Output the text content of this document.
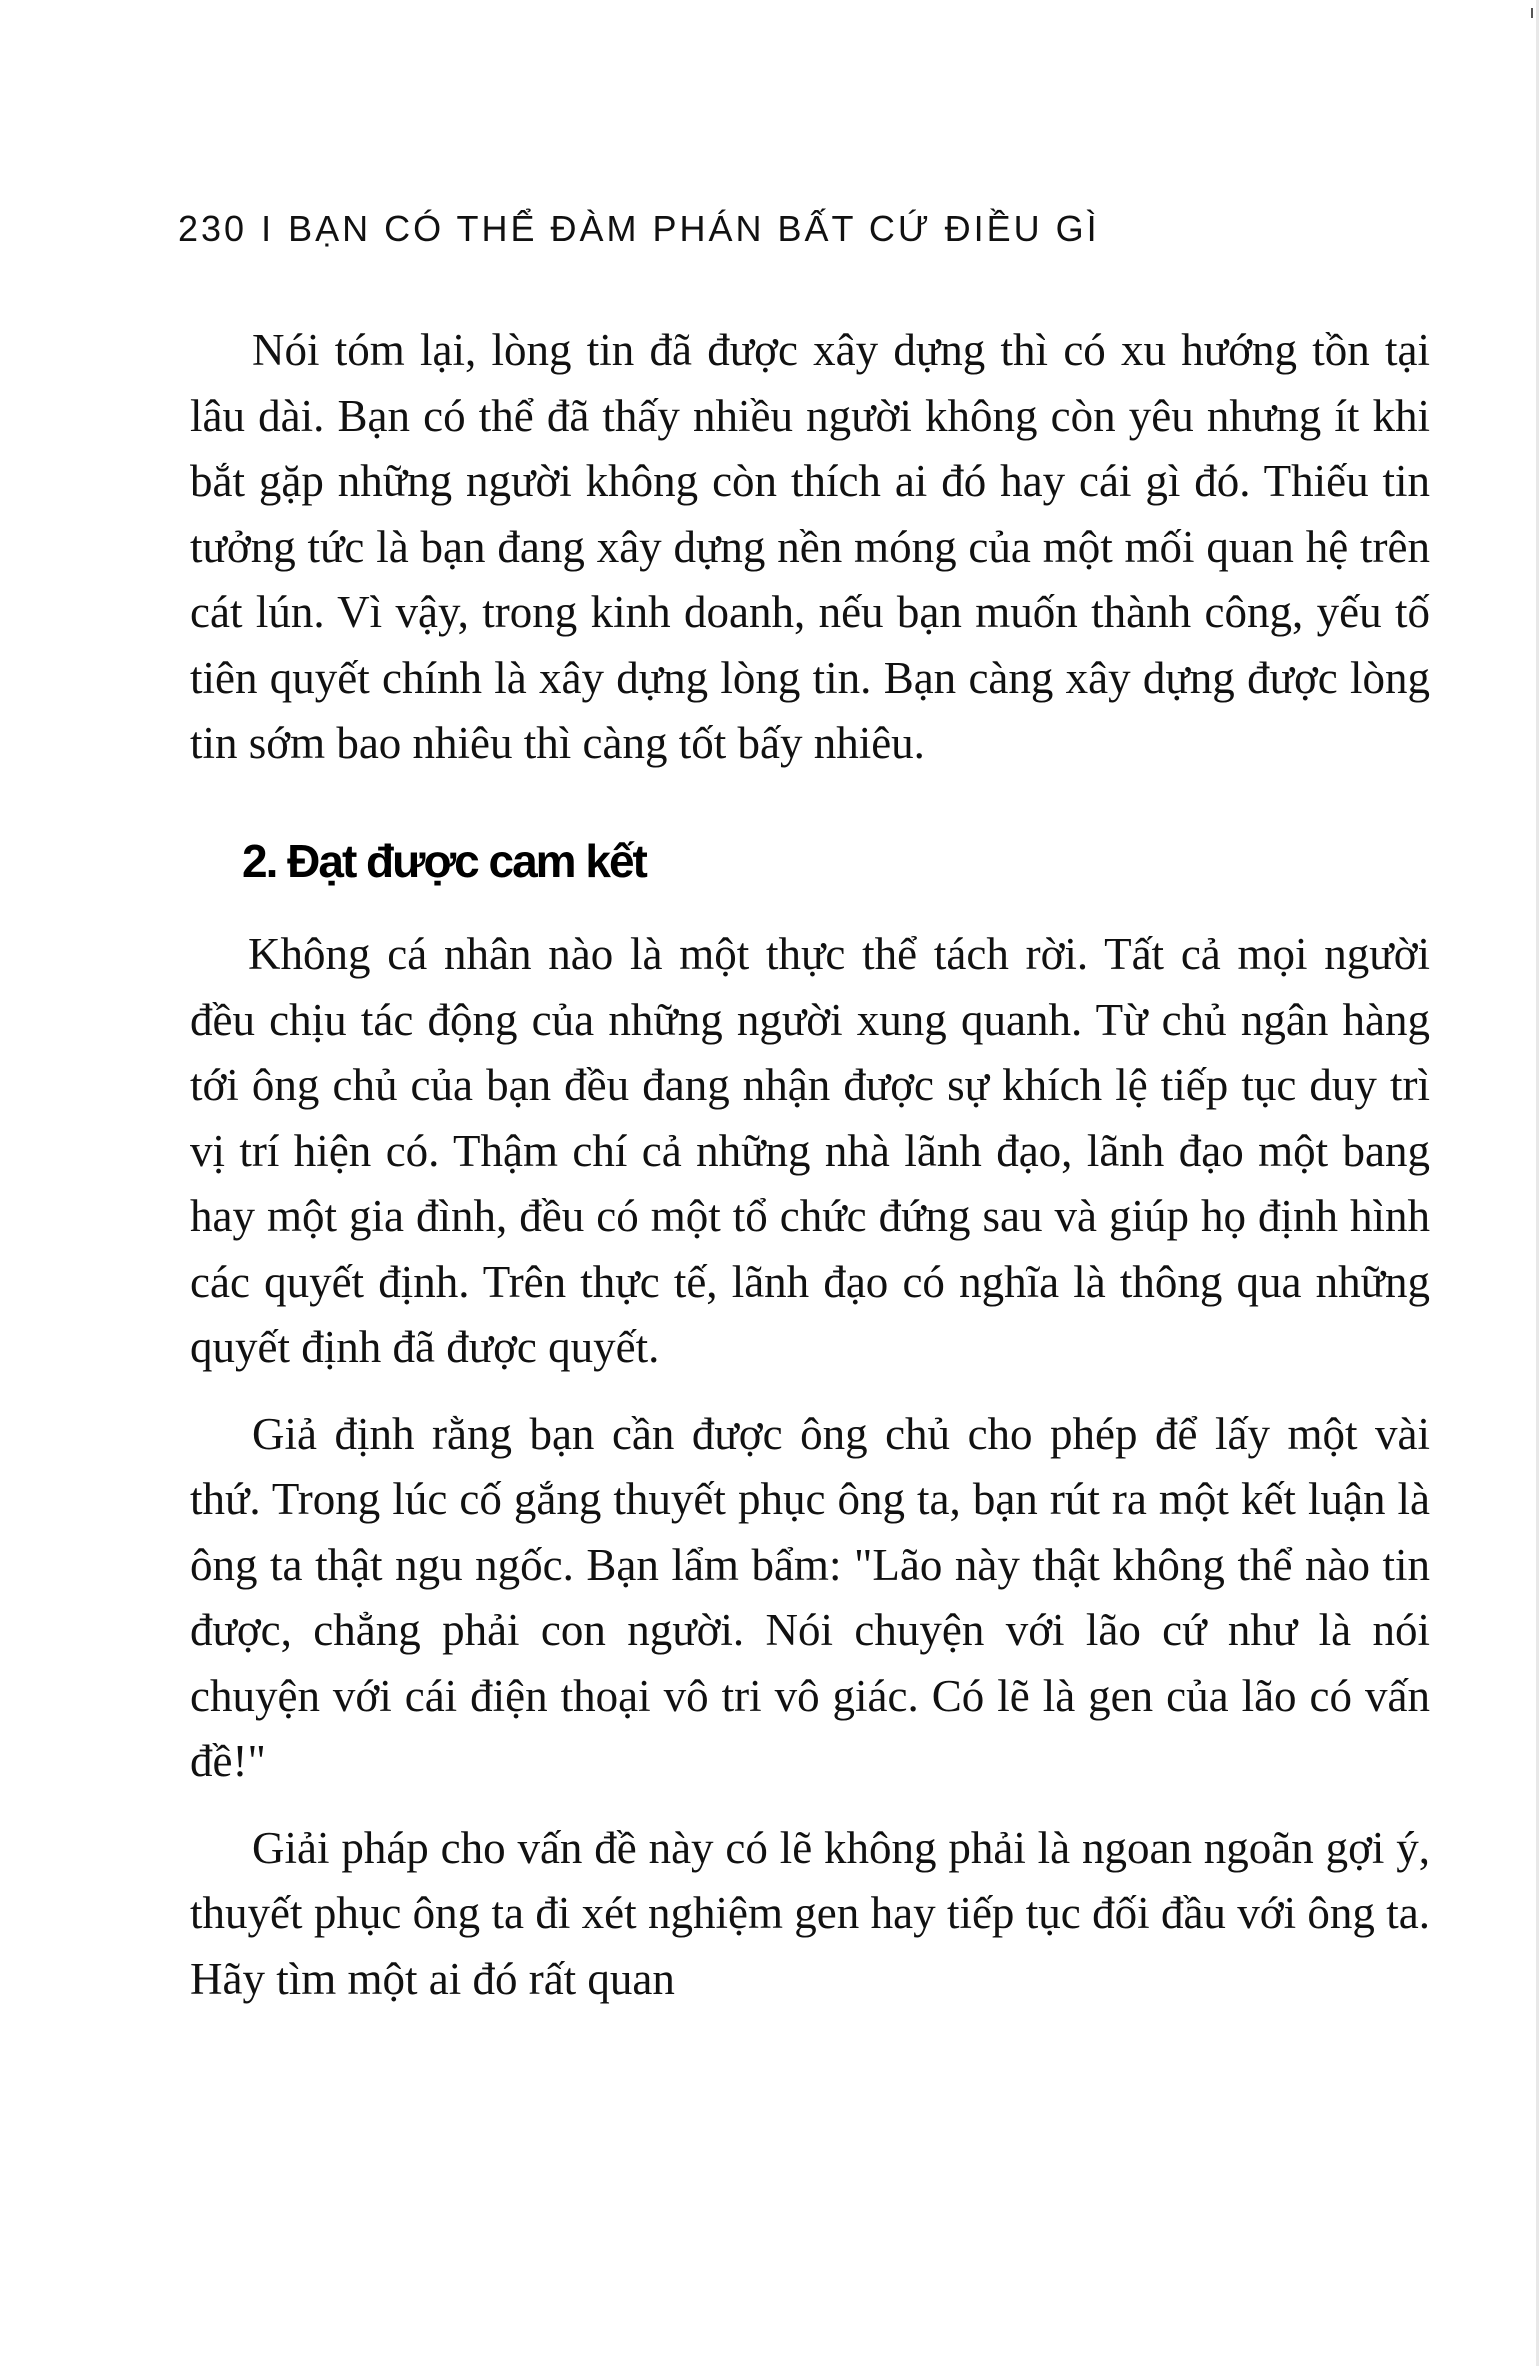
230 I BẠN CÓ THỂ ĐÀM PHÁN BẤT CỨ ĐIỀU GÌ

Nói tóm lại, lòng tin đã được xây dựng thì có xu hướng tồn tại lâu dài. Bạn có thể đã thấy nhiều người không còn yêu nhưng ít khi bắt gặp những người không còn thích ai đó hay cái gì đó. Thiếu tin tưởng tức là bạn đang xây dựng nền móng của một mối quan hệ trên cát lún. Vì vậy, trong kinh doanh, nếu bạn muốn thành công, yếu tố tiên quyết chính là xây dựng lòng tin. Bạn càng xây dựng được lòng tin sớm bao nhiêu thì càng tốt bấy nhiêu.

2. Đạt được cam kết

Không cá nhân nào là một thực thể tách rời. Tất cả mọi người đều chịu tác động của những người xung quanh. Từ chủ ngân hàng tới ông chủ của bạn đều đang nhận được sự khích lệ tiếp tục duy trì vị trí hiện có. Thậm chí cả những nhà lãnh đạo, lãnh đạo một bang hay một gia đình, đều có một tổ chức đứng sau và giúp họ định hình các quyết định. Trên thực tế, lãnh đạo có nghĩa là thông qua những quyết định đã được quyết.

Giả định rằng bạn cần được ông chủ cho phép để lấy một vài thứ. Trong lúc cố gắng thuyết phục ông ta, bạn rút ra một kết luận là ông ta thật ngu ngốc. Bạn lẩm bẩm: "Lão này thật không thể nào tin được, chẳng phải con người. Nói chuyện với lão cứ như là nói chuyện với cái điện thoại vô tri vô giác. Có lẽ là gen của lão có vấn đề!"

Giải pháp cho vấn đề này có lẽ không phải là ngoan ngoãn gợi ý, thuyết phục ông ta đi xét nghiệm gen hay tiếp tục đối đầu với ông ta. Hãy tìm một ai đó rất quan
